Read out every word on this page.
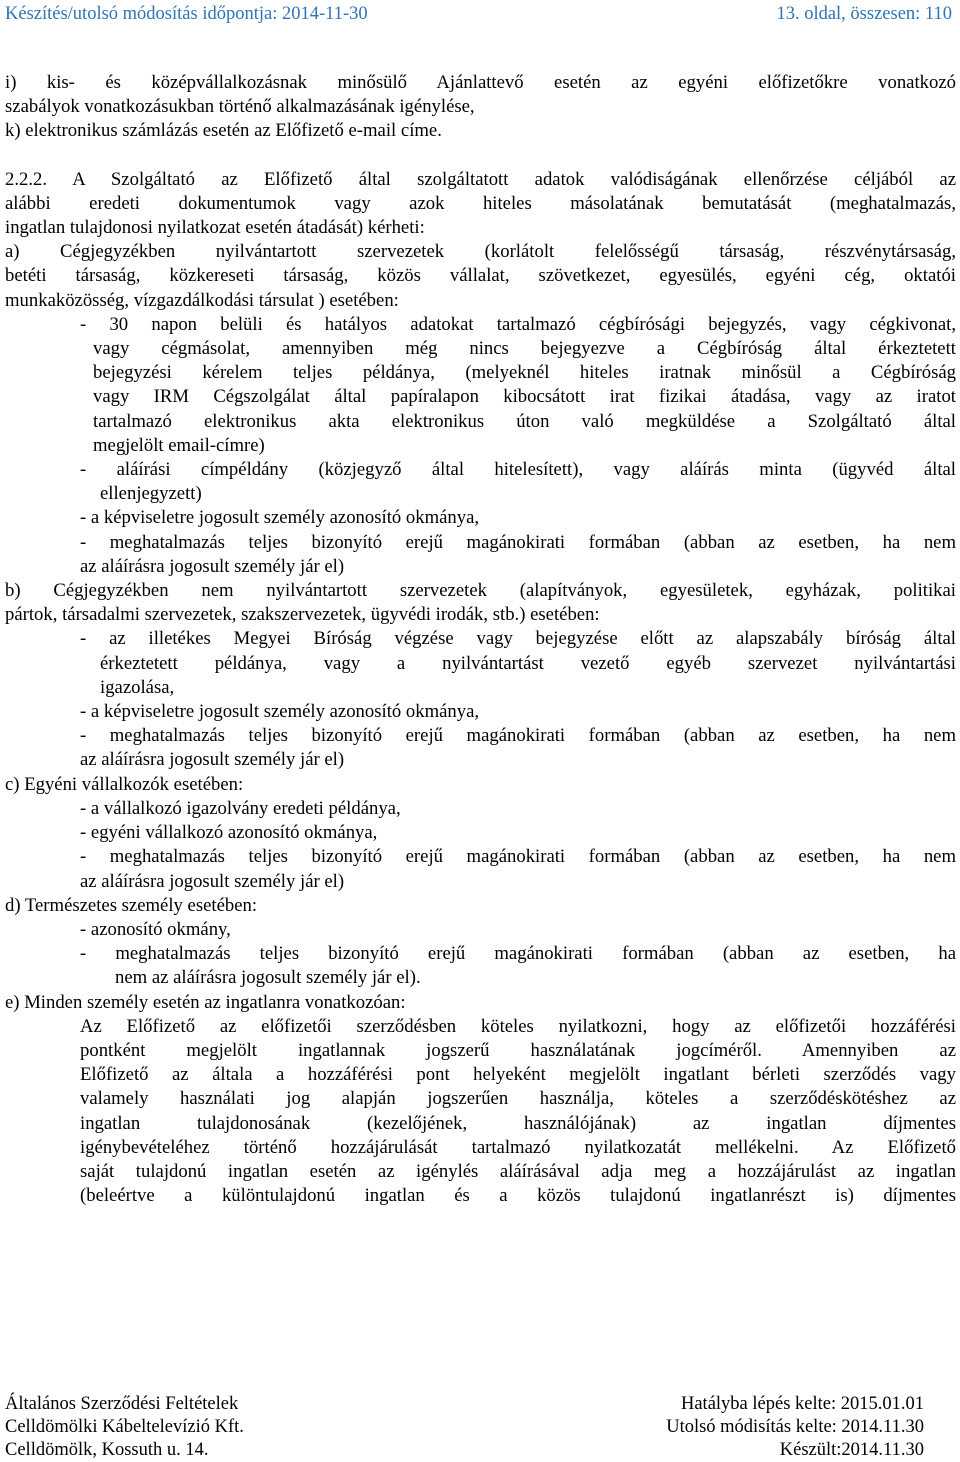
Készítés/utolsó módosítás időpontja: 2014-11-30	13. oldal, összesen: 110
i) kis- és középvállalkozásnak minősülő Ajánlattevő esetén az egyéni előfizetőkre vonatkozó
szabályok vonatkozásukban történő alkalmazásának igénylése,
k) elektronikus számlázás esetén az Előfizető e-mail címe.
2.2.2. A Szolgáltató az Előfizető által szolgáltatott adatok valódiságának ellenőrzése céljából az
alábbi eredeti dokumentumok vagy azok hiteles másolatának bemutatását (meghatalmazás,
ingatlan tulajdonosi nyilatkozat esetén átadását) kérheti:
a) Cégjegyzékben nyilvántartott szervezetek (korlátolt felelősségű társaság, részvénytársaság,
betéti társaság, közkereseti társaság, közös vállalat, szövetkezet, egyesülés, egyéni cég, oktatói
munkaközösség, vízgazdálkodási társulat ) esetében:
- 30 napon belüli és hatályos adatokat tartalmazó cégbírósági bejegyzés, vagy cégkivonat,
vagy cégmásolat, amennyiben még nincs bejegyezve a Cégbíróság által érkeztetett
bejegyzési kérelem teljes példánya, (melyeknél hiteles iratnak minősül a Cégbíróság
vagy IRM Cégszolgálat által papíralapon kibocsátott irat fizikai átadása, vagy az iratot
tartalmazó elektronikus akta elektronikus úton való megküldése a Szolgáltató által
megjelölt email-címre)
- aláírási címpéldány (közjegyző által hitelesített), vagy aláírás minta (ügyvéd által
ellenjegyzett)
- a képviseletre jogosult személy azonosító okmánya,
- meghatalmazás teljes bizonyító erejű magánokirati formában (abban az esetben, ha nem
az aláírásra jogosult személy jár el)
b) Cégjegyzékben nem nyilvántartott szervezetek (alapítványok, egyesületek, egyházak, politikai
pártok, társadalmi szervezetek, szakszervezetek, ügyvédi irodák, stb.) esetében:
- az illetékes Megyei Bíróság végzése vagy bejegyzése előtt az alapszabály bíróság által
érkeztetett példánya, vagy a nyilvántartást vezető egyéb szervezet nyilvántartási
igazolása,
- a képviseletre jogosult személy azonosító okmánya,
- meghatalmazás teljes bizonyító erejű magánokirati formában (abban az esetben, ha nem
az aláírásra jogosult személy jár el)
c) Egyéni vállalkozók esetében:
- a vállalkozó igazolvány eredeti példánya,
- egyéni vállalkozó azonosító okmánya,
- meghatalmazás teljes bizonyító erejű magánokirati formában (abban az esetben, ha nem
az aláírásra jogosult személy jár el)
d) Természetes személy esetében:
- azonosító okmány,
- meghatalmazás teljes bizonyító erejű magánokirati formában (abban az esetben, ha
nem az aláírásra jogosult személy jár el).
e) Minden személy esetén az ingatlanra vonatkozóan:
Az Előfizető az előfizetői szerződésben köteles nyilatkozni, hogy az előfizetői hozzáférési
pontként megjelölt ingatlannak jogszerű használatának jogcíméről. Amennyiben az
Előfizető az általa a hozzáférési pont helyeként megjelölt ingatlant bérleti szerződés vagy
valamely használati jog alapján jogszerűen használja, köteles a szerződéskötéshez az
ingatlan tulajdonosának (kezelőjének, használójának) az ingatlan díjmentes
igénybevételéhez történő hozzájárulását tartalmazó nyilatkozatát mellékelni. Az Előfizető
saját tulajdonú ingatlan esetén az igénylés aláírásával adja meg a hozzájárulást az ingatlan
(beleértve a különtulajdonú ingatlan és a közös tulajdonú ingatlanrészt is) díjmentes
Általános Szerződési Feltételek	Hatályba lépés kelte: 2015.01.01
Celldömölki Kábeltelevízió Kft.	Utolsó módisítás kelte: 2014.11.30
Celldömölk, Kossuth u. 14.	Készült:2014.11.30
